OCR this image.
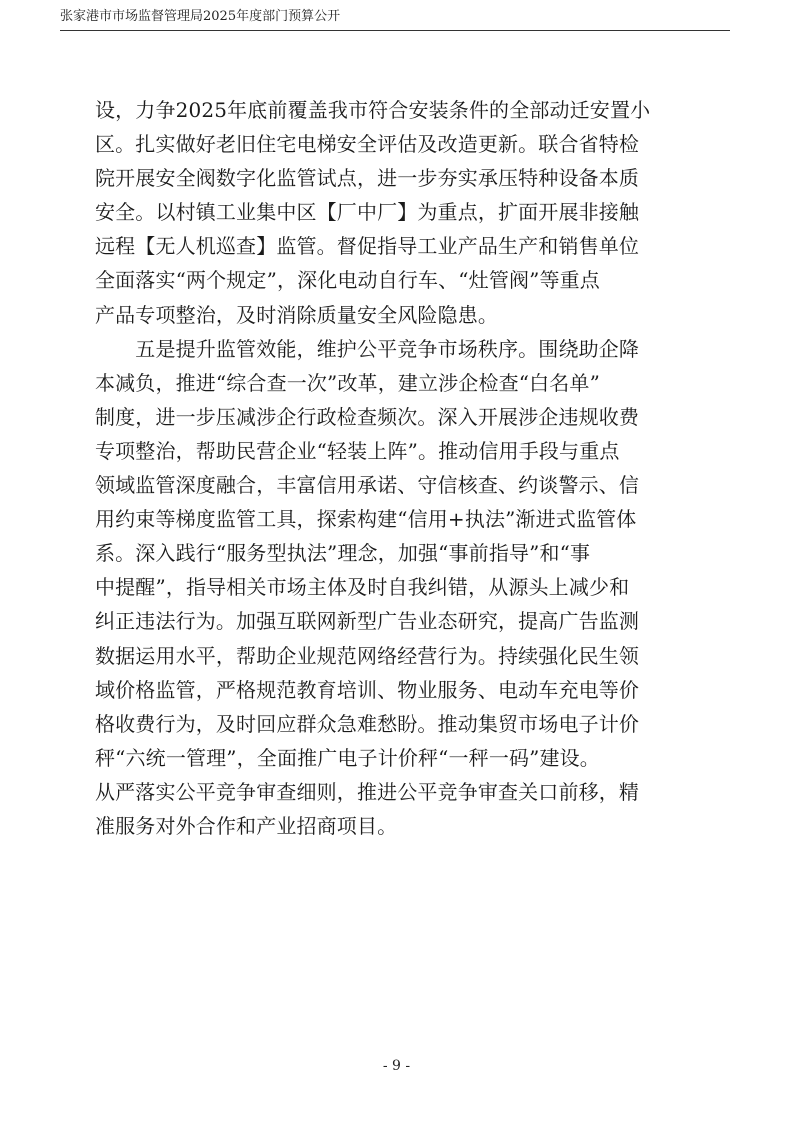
张家港市市场监督管理局2025年度部门预算公开

设，力争2025年底前覆盖我市符合安装条件的全部动迁安置小

区。扎实做好老旧住宅电梯安全评估及改造更新。联合省特检

院开展安全阀数字化监管试点，进一步夯实承压特种设备本质

安全。以村镇工业集中区【厂中厂】为重点，扩面开展非接触

远程【无人机巡查】监管。督促指导工业产品生产和销售单位

全面落实“两个规定”，深化电动自行车、“灶管阀”等重点

产品专项整治，及时消除质量安全风险隐患。

　　五是提升监管效能，维护公平竞争市场秩序。围绕助企降

本减负，推进“综合查一次”改革，建立涉企检查“白名单”

制度，进一步压减涉企行政检查频次。深入开展涉企违规收费

专项整治，帮助民营企业“轻装上阵”。推动信用手段与重点

领域监管深度融合，丰富信用承诺、守信核查、约谈警示、信

用约束等梯度监管工具，探索构建“信用+执法”渐进式监管体

系。深入践行“服务型执法”理念，加强“事前指导”和“事

中提醒”，指导相关市场主体及时自我纠错，从源头上减少和

纠正违法行为。加强互联网新型广告业态研究，提高广告监测

数据运用水平，帮助企业规范网络经营行为。持续强化民生领

域价格监管，严格规范教育培训、物业服务、电动车充电等价

格收费行为，及时回应群众急难愁盼。推动集贸市场电子计价

秤“六统一管理”，全面推广电子计价秤“一秤一码”建设。

从严落实公平竞争审查细则，推进公平竞争审查关口前移，精

准服务对外合作和产业招商项目。

- 9 -
